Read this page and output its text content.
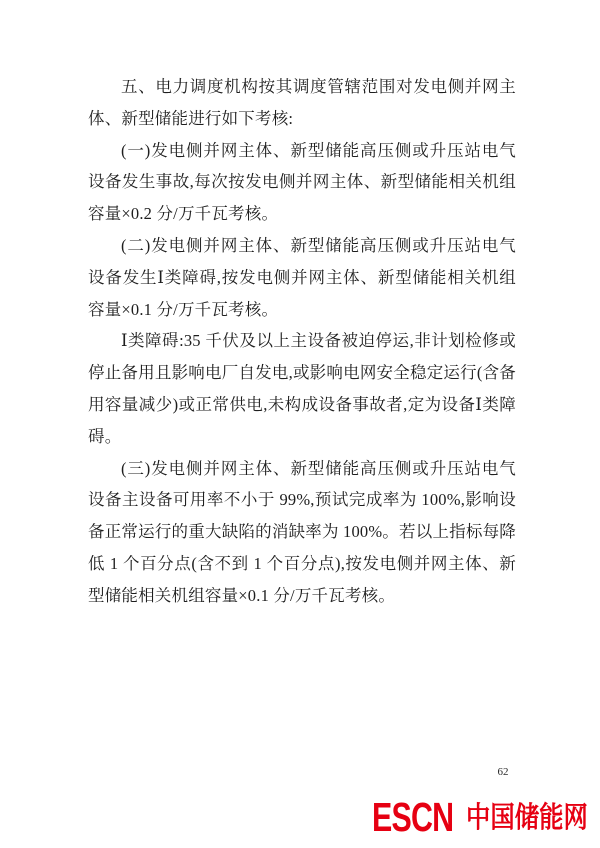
五、电力调度机构按其调度管辖范围对发电侧并网主体、新型储能进行如下考核:

(一)发电侧并网主体、新型储能高压侧或升压站电气设备发生事故,每次按发电侧并网主体、新型储能相关机组容量×0.2 分/万千瓦考核。

(二)发电侧并网主体、新型储能高压侧或升压站电气设备发生Ⅰ类障碍,按发电侧并网主体、新型储能相关机组容量×0.1 分/万千瓦考核。

Ⅰ类障碍:35 千伏及以上主设备被迫停运,非计划检修或停止备用且影响电厂自发电,或影响电网安全稳定运行(含备用容量减少)或正常供电,未构成设备事故者,定为设备Ⅰ类障碍。

(三)发电侧并网主体、新型储能高压侧或升压站电气设备主设备可用率不小于 99%,预试完成率为 100%,影响设备正常运行的重大缺陷的消缺率为 100%。若以上指标每降低 1 个百分点(含不到 1 个百分点),按发电侧并网主体、新型储能相关机组容量×0.1 分/万千瓦考核。

62
ESCN 中国储能网
